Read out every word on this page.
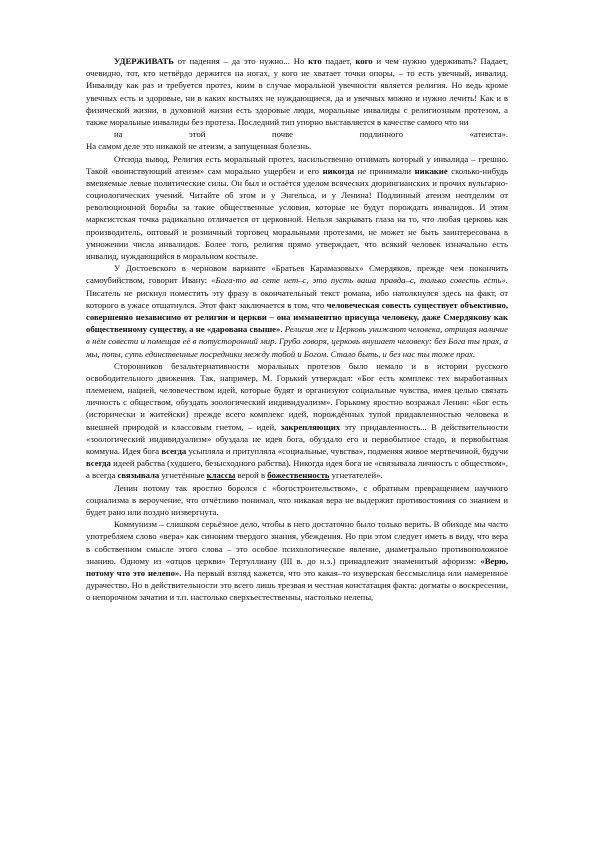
УДЕРЖИВАТЬ от падения – да это нужно... Но кто падает, кого и чем нужно удерживать? Падает, очевидно, тот, кто нетвёрдо держится на ногах, у кого не хватает точки опоры, – то есть увечный, инвалид. Инвалиду как раз и требуется протез, коим в случае моральной увечности является религия. Но ведь кроме увечных есть и здоровые, ни в каких костылях не нуждающиеся, да и увечных можно и нужно лечить! Как и в физической жизни, в духовной жизни есть здоровые люди, моральные инвалиды с религиозным протезом, а также моральные инвалиды без протеза. Последний тип упорно выставляется в качестве самого что ни

на	этой	почве	подлинного	«атеиста».

На самом деле это никакой не атеизм, а запущенная болезнь.

Отсюда вывод. Религия есть моральный протез, насильственно отнимать который у инвалида – грешно. Такой «воинствующий атеизм» сам морально ущербен и его никогда не принимали никакие сколько-нибудь вменяемые левые политические силы. Он был и остаётся уделом всяческих дюрингианских и прочих вульгарно-социологических учений. Читайте об этом и у Энгельса, и у Ленина! Подлинный атеизм неотделим от революционной борьбы за такие общественные условия, которые не будут порождать инвалидов. И этим марксистская точка радикально отличается от церковной. Нельзя закрывать глаза на то, что любая церковь как производитель, оптовый и розничный торговец моральными протезами, не может не быть заинтересована в умножении числа инвалидов. Более того, религия прямо утверждает, что всякий человек изначально есть инвалид, нуждающийся в моральном костыле.

У Достоевского в черновом варианте «Братьев Карамазовых» Смердяков, прежде чем покончить самоубийством, говорит Ивану: «Бога-то ва сете нет–с, это пусть ваша правда–с, только совесть есть». Писатель не рискнул поместить эту фразу в окончательный текст романа, ибо натолкнулся здесь на факт, от которого в ужасе отшатнулся. Этот факт заключается в том, что человеческая совесть существует объективно, совершенно независимо от религии и церкви – она имманентно присуща человеку, даже Смердякову как общественному существу, а не «дарована свыше». Религия же и Церковь унижают человека, отрицая наличие в нём совести и помещая её в потусторонний мир. Грубо говоря, церковь внушает человеку: без Бога ты прах, а мы, попы, суть единственные посредники между тобой и Богом. Стало быть, и без нас ты тоже прах.

Сторонников безальтернативности моральных протезов было немало и в истории русского освободительного движения. Так, например, М. Горький утверждал: «Бог есть комплекс тех выработанных племенем, нацией, человечеством идей, которые будят и организуют социальные чувства, имея целью связать личность с обществом, обуздать зоологический индивидуализм». Горькому яростно возражал Ленин: «Бог есть (исторически и житейски} прежде всего комплекс идей, порождённых тупой придавленностью человека и внешней природой и классовым гнетом, – идей, закрепляющих эту придавленность... В действительности «зоологический индивидуализм» обуздала не идея бога, обуздало его и первобытное стадо, и первобытная коммуна. Идея бога всегда усыпляла и притупляла «социальные, чувства», подменяя живое мертвечиной, будучи всегда идеей рабства (худшего, безысходного рабства). Никогда идея бога не «связывала личность с обществом», а всегда связывала угнетённые классы верой в божественность угнетателей».

Ленин потому так яростно боролся с «богостроительством», с обратным превращением научного социализма в вероучение, что отчётливо понимал, что никакая вера не выдержит противостояния со знанием и будет рано или поздно низвергнута.

Коммунизм – слишком серьёзное дело, чтобы в него достаточно было только верить. В обиходе мы часто употребляем слово «вера» как синоним твердого знания, убеждения. Но при этом следует иметь в виду, что вера в собственном смысле этого слова – это особое психологическое явление, диаметрально противоположное знанию. Одному из «отцов церкви» Тертуллиану (III в. до н.э.) принадлежит знаменитый афоризм: «Верю, потому что это нелепо». На первый взгляд кажется, что это какая–то изуверская бессмыслица или намеренное дурачество. Но в действительности это всего лишь трезвая и честная констатация факта: догматы о воскресении, о непорочном зачатии и т.п. настолько сверхъестественны, настолько нелепы,
